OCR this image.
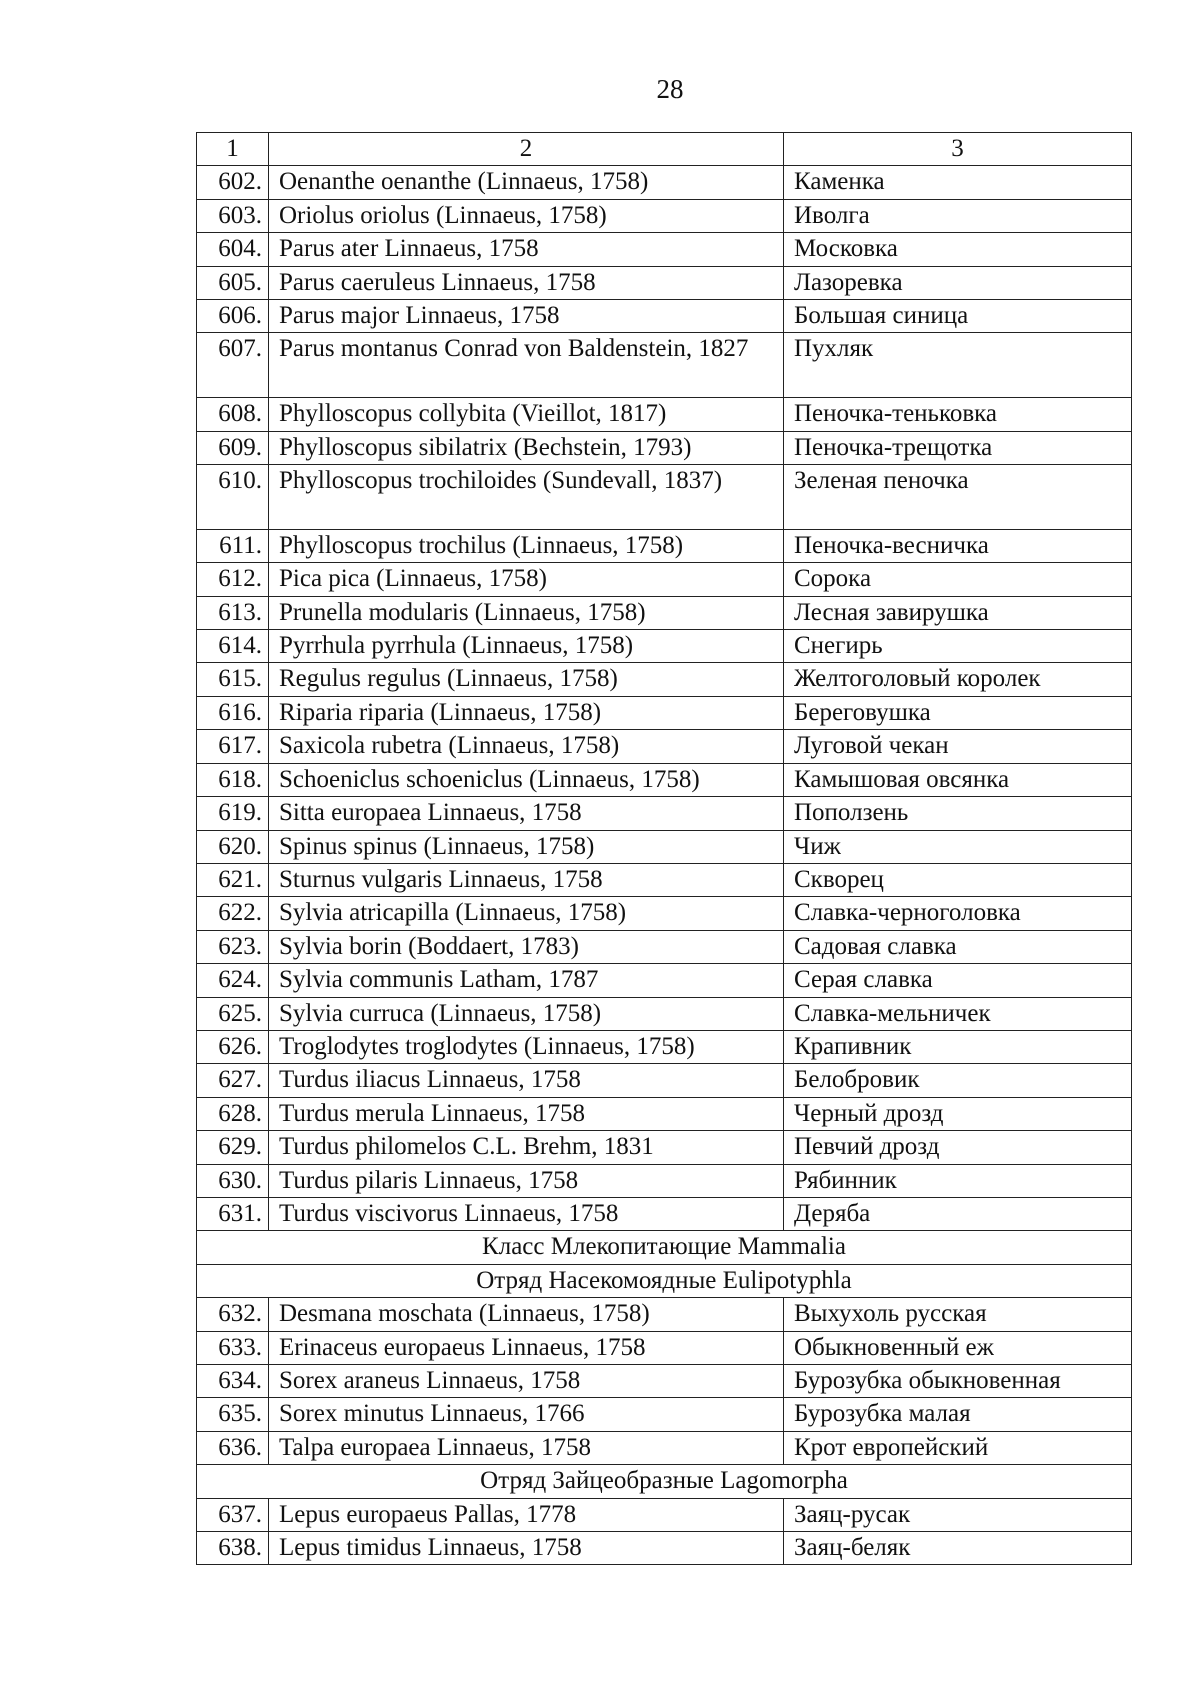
28
1	2	3
602.	Oenanthe oenanthe (Linnaeus, 1758)	Каменка
603.	Oriolus oriolus (Linnaeus, 1758)	Иволга
604.	Parus ater Linnaeus, 1758	Московка
605.	Parus caeruleus Linnaeus, 1758	Лазоревка
606.	Parus major Linnaeus, 1758	Большая синица
607.	Parus montanus Conrad von Baldenstein, 1827	Пухляк
608.	Phylloscopus collybita (Vieillot, 1817)	Пеночка-теньковка
609.	Phylloscopus sibilatrix (Bechstein, 1793)	Пеночка-трещотка
610.	Phylloscopus trochiloides (Sundevall, 1837)	Зеленая пеночка
611.	Phylloscopus trochilus (Linnaeus, 1758)	Пеночка-весничка
612.	Pica pica (Linnaeus, 1758)	Сорока
613.	Prunella modularis (Linnaeus, 1758)	Лесная завирушка
614.	Pyrrhula pyrrhula (Linnaeus, 1758)	Снегирь
615.	Regulus regulus (Linnaeus, 1758)	Желтоголовый королек
616.	Riparia riparia (Linnaeus, 1758)	Береговушка
617.	Saxicola rubetra (Linnaeus, 1758)	Луговой чекан
618.	Schoeniclus schoeniclus (Linnaeus, 1758)	Камышовая овсянка
619.	Sitta europaea Linnaeus, 1758	Поползень
620.	Spinus spinus (Linnaeus, 1758)	Чиж
621.	Sturnus vulgaris Linnaeus, 1758	Скворец
622.	Sylvia atricapilla (Linnaeus, 1758)	Славка-черноголовка
623.	Sylvia borin (Boddaert, 1783)	Садовая славка
624.	Sylvia communis Latham, 1787	Серая славка
625.	Sylvia curruca (Linnaeus, 1758)	Славка-мельничек
626.	Troglodytes troglodytes (Linnaeus, 1758)	Крапивник
627.	Turdus iliacus Linnaeus, 1758	Белобровик
628.	Turdus merula Linnaeus, 1758	Черный дрозд
629.	Turdus philomelos C.L. Brehm, 1831	Певчий дрозд
630.	Turdus pilaris Linnaeus, 1758	Рябинник
631.	Turdus viscivorus Linnaeus, 1758	Деряба
Класс Млекопитающие Mammalia		
Отряд Насекомоядные Eulipotyphla		
632.	Desmana moschata (Linnaeus, 1758)	Выхухоль русская
633.	Erinaceus europaeus Linnaeus, 1758	Обыкновенный еж
634.	Sorex araneus Linnaeus, 1758	Бурозубка обыкновенная
635.	Sorex minutus Linnaeus, 1766	Бурозубка малая
636.	Talpa europaea Linnaeus, 1758	Крот европейский
Отряд Зайцеобразные Lagomorpha		
637.	Lepus europaeus Pallas, 1778	Заяц-русак
638.	Lepus timidus Linnaeus, 1758	Заяц-беляк
